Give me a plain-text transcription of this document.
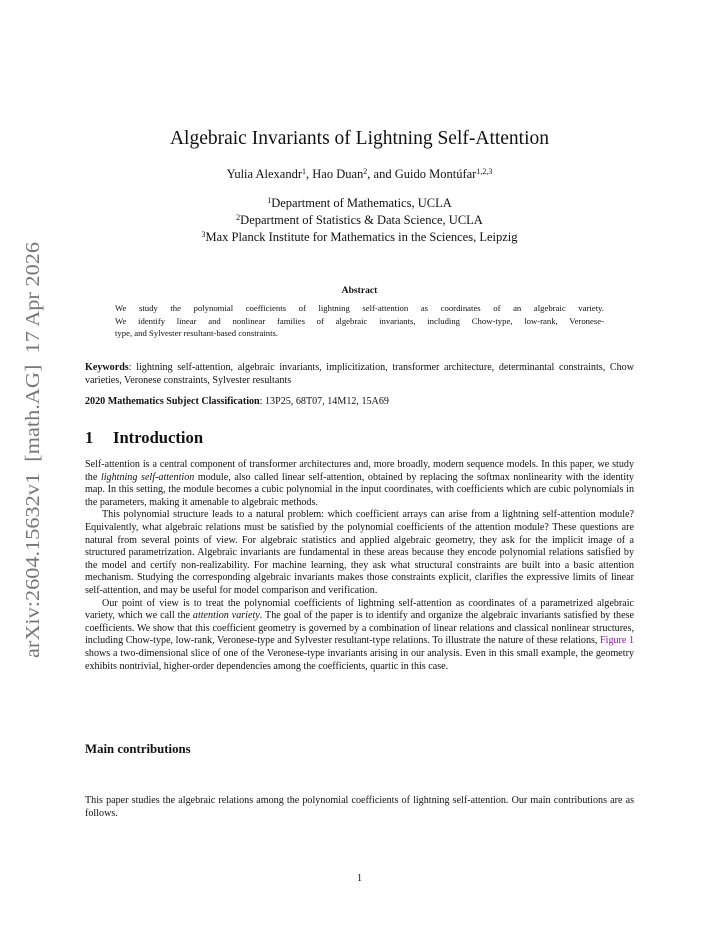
arXiv:2604.15632v1  [math.AG]  17 Apr 2026
Algebraic Invariants of Lightning Self-Attention
Yulia Alexandr$^1$, Hao Duan$^2$, and Guido Montúfar$^{1,2,3}$
$^1$Department of Mathematics, UCLA
$^2$Department of Statistics & Data Science, UCLA
$^3$Max Planck Institute for Mathematics in the Sciences, Leipzig
Abstract

We study the polynomial coefficients of lightning self-attention as coordinates of an algebraic variety.

We identify linear and nonlinear families of algebraic invariants, including Chow-type, low-rank, Veronese-

type, and Sylvester resultant-based constraints.

Keywords: lightning self-attention, algebraic invariants, implicitization, transformer architecture, determinantal constraints, Chow varieties, Veronese constraints, Sylvester resultants

2020 Mathematics Subject Classification: 13P25, 68T07, 14M12, 15A69

1 Introduction

Self-attention is a central component of transformer architectures and, more broadly, modern sequence models. In this paper, we study the lightning self-attention module, also called linear self-attention, obtained by replacing the softmax nonlinearity with the identity map. In this setting, the module becomes a cubic polynomial in the input coordinates, with coefficients which are cubic polynomials in the parameters, making it amenable to algebraic methods.

This polynomial structure leads to a natural problem: which coefficient arrays can arise from a lightning self-attention module? Equivalently, what algebraic relations must be satisfied by the polynomial coefficients of the attention module? These questions are natural from several points of view. For algebraic statistics and applied algebraic geometry, they ask for the implicit image of a structured parametrization. Algebraic invariants are fundamental in these areas because they encode polynomial relations satisfied by the model and certify non-realizability. For machine learning, they ask what structural constraints are built into a basic attention mechanism. Studying the corresponding algebraic invariants makes those constraints explicit, clarifies the expressive limits of linear self-attention, and may be useful for model comparison and verification.

Our point of view is to treat the polynomial coefficients of lightning self-attention as coordinates of a parametrized algebraic variety, which we call the attention variety. The goal of the paper is to identify and organize the algebraic invariants satisfied by these coefficients. We show that this coefficient geometry is governed by a combination of linear relations and classical nonlinear structures, including Chow-type, low-rank, Veronese-type and Sylvester resultant-type relations. To illustrate the nature of these relations, Figure 1 shows a two-dimensional slice of one of the Veronese-type invariants arising in our analysis. Even in this small example, the geometry exhibits nontrivial, higher-order dependencies among the coefficients, quartic in this case.

Main contributions

This paper studies the algebraic relations among the polynomial coefficients of lightning self-attention. Our main contributions are as follows.

1
